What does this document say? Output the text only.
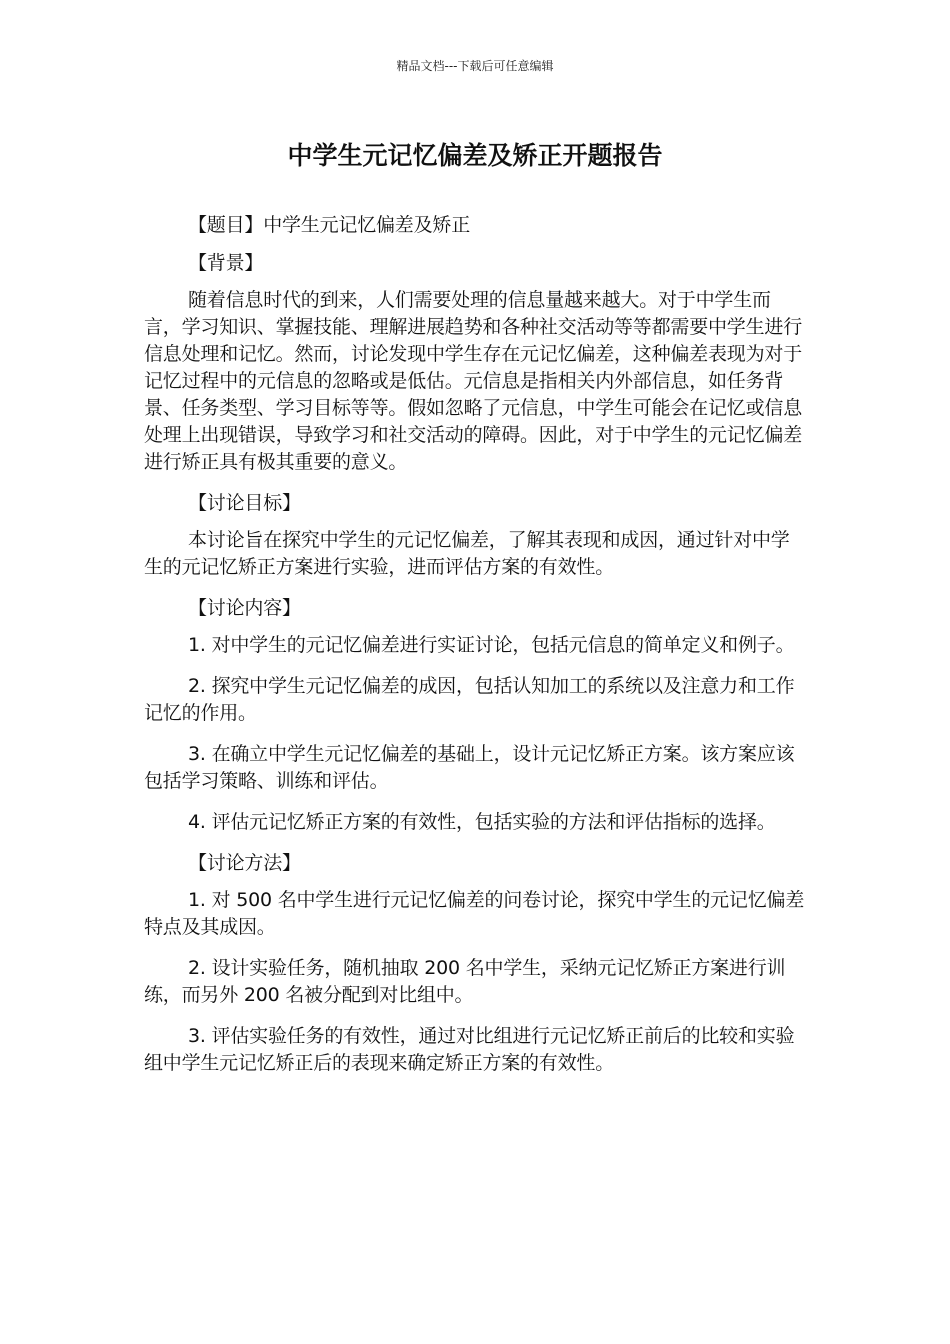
精品文档---下载后可任意编辑
中学生元记忆偏差及矫正开题报告

【题目】中学生元记忆偏差及矫正

【背景】

随着信息时代的到来，人们需要处理的信息量越来越大。对于中学生而言，学习知识、掌握技能、理解进展趋势和各种社交活动等等都需要中学生进行信息处理和记忆。然而，讨论发现中学生存在元记忆偏差，这种偏差表现为对于记忆过程中的元信息的忽略或是低估。元信息是指相关内外部信息，如任务背景、任务类型、学习目标等等。假如忽略了元信息，中学生可能会在记忆或信息处理上出现错误，导致学习和社交活动的障碍。因此，对于中学生的元记忆偏差进行矫正具有极其重要的意义。

【讨论目标】

本讨论旨在探究中学生的元记忆偏差，了解其表现和成因，通过针对中学生的元记忆矫正方案进行实验，进而评估方案的有效性。

【讨论内容】

1. 对中学生的元记忆偏差进行实证讨论，包括元信息的简单定义和例子。

2. 探究中学生元记忆偏差的成因，包括认知加工的系统以及注意力和工作记忆的作用。

3. 在确立中学生元记忆偏差的基础上，设计元记忆矫正方案。该方案应该包括学习策略、训练和评估。

4. 评估元记忆矫正方案的有效性，包括实验的方法和评估指标的选择。

【讨论方法】

1. 对 500 名中学生进行元记忆偏差的问卷讨论，探究中学生的元记忆偏差特点及其成因。

2. 设计实验任务，随机抽取 200 名中学生，采纳元记忆矫正方案进行训练，而另外 200 名被分配到对比组中。

3. 评估实验任务的有效性，通过对比组进行元记忆矫正前后的比较和实验组中学生元记忆矫正后的表现来确定矫正方案的有效性。
